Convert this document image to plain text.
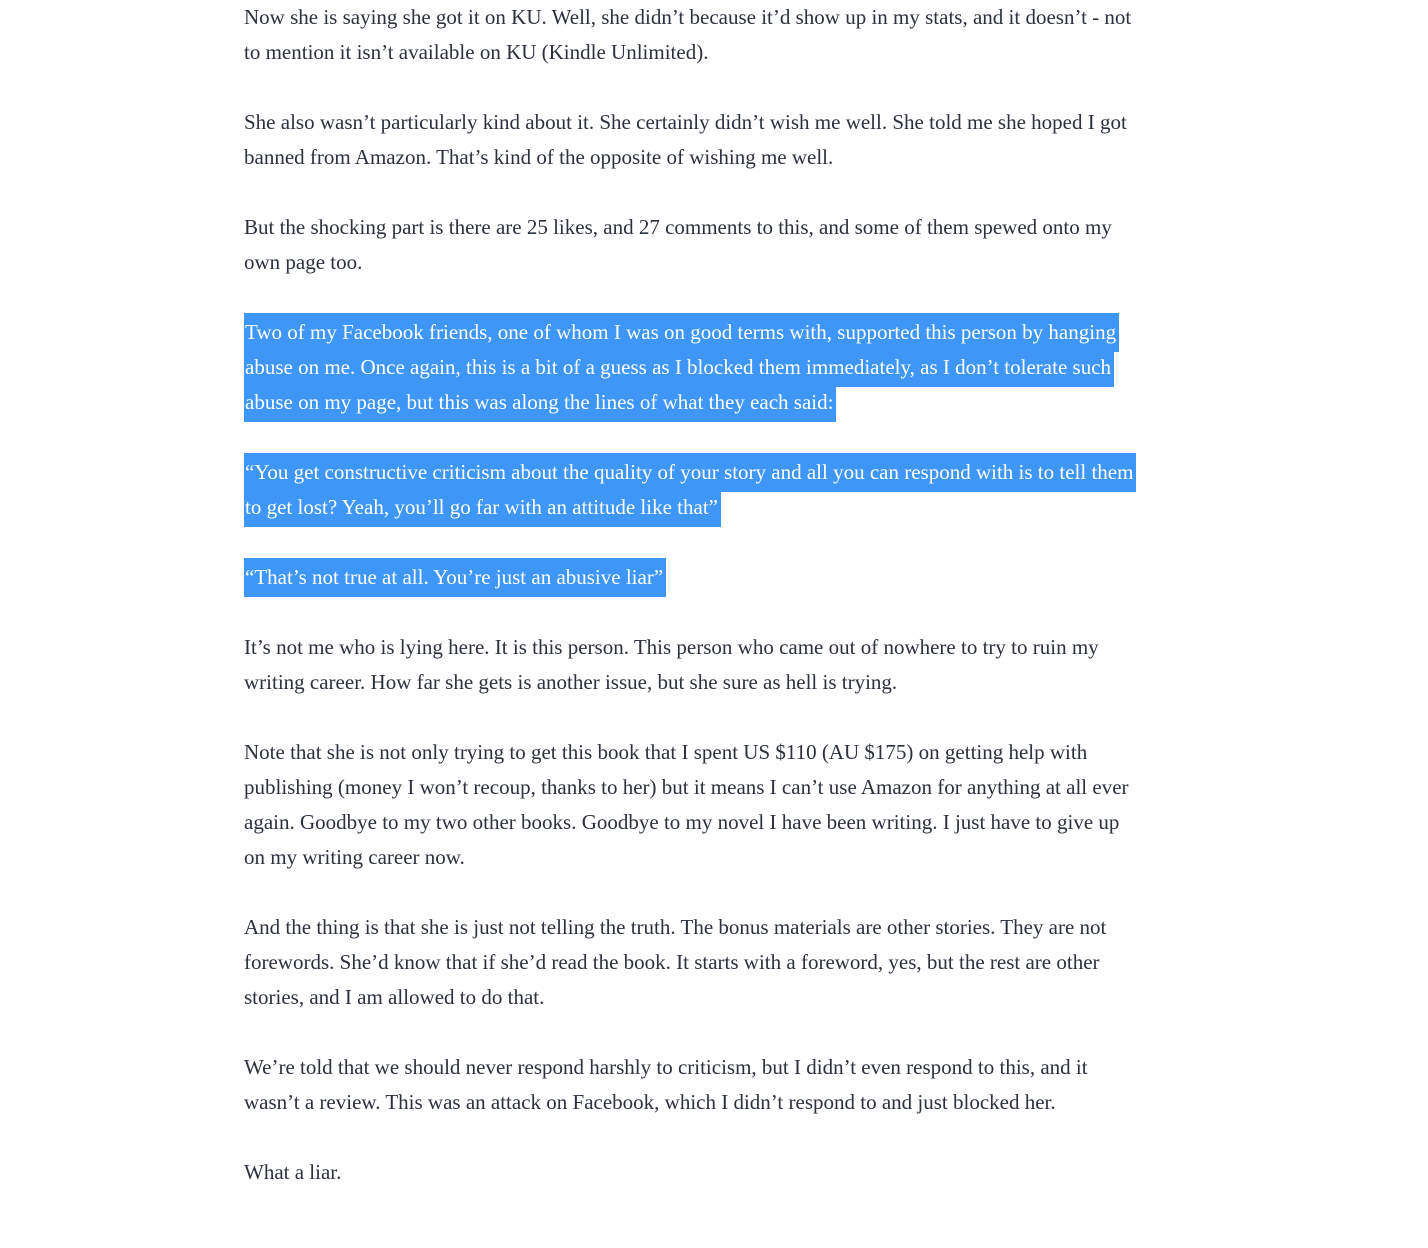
Now she is saying she got it on KU. Well, she didn’t because it’d show up in my stats, and it doesn’t - not to mention it isn’t available on KU (Kindle Unlimited).

She also wasn’t particularly kind about it. She certainly didn’t wish me well. She told me she hoped I got banned from Amazon. That’s kind of the opposite of wishing me well.

But the shocking part is there are 25 likes, and 27 comments to this, and some of them spewed onto my own page too.

Two of my Facebook friends, one of whom I was on good terms with, supported this person by hanging abuse on me. Once again, this is a bit of a guess as I blocked them immediately, as I don’t tolerate such abuse on my page, but this was along the lines of what they each said:

“You get constructive criticism about the quality of your story and all you can respond with is to tell them to get lost? Yeah, you’ll go far with an attitude like that”

“That’s not true at all. You’re just an abusive liar”

It’s not me who is lying here. It is this person. This person who came out of nowhere to try to ruin my writing career. How far she gets is another issue, but she sure as hell is trying.

Note that she is not only trying to get this book that I spent US $110 (AU $175) on getting help with publishing (money I won’t recoup, thanks to her) but it means I can’t use Amazon for anything at all ever again. Goodbye to my two other books. Goodbye to my novel I have been writing. I just have to give up on my writing career now.

And the thing is that she is just not telling the truth. The bonus materials are other stories. They are not forewords. She’d know that if she’d read the book. It starts with a foreword, yes, but the rest are other stories, and I am allowed to do that.

We’re told that we should never respond harshly to criticism, but I didn’t even respond to this, and it wasn’t a review. This was an attack on Facebook, which I didn’t respond to and just blocked her.

What a liar.
